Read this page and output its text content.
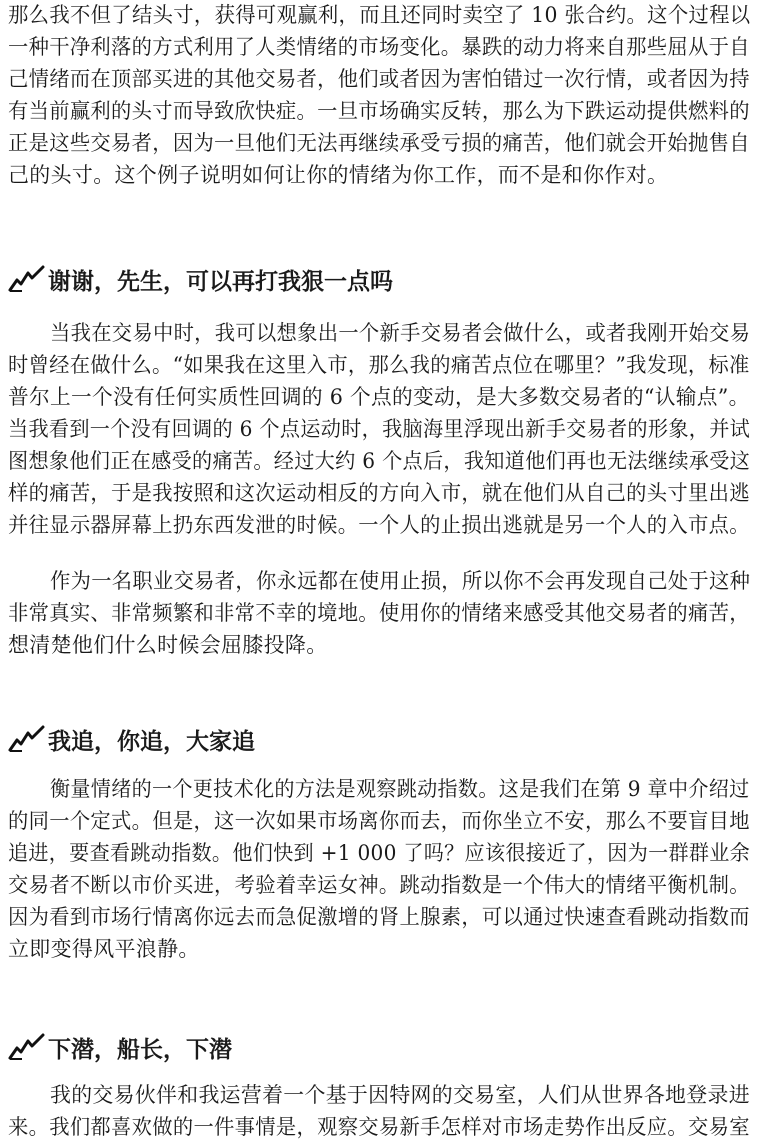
那么我不但了结头寸，获得可观赢利，而且还同时卖空了 10 张合约。这个过程以
一种干净利落的方式利用了人类情绪的市场变化。暴跌的动力将来自那些屈从于自
己情绪而在顶部买进的其他交易者，他们或者因为害怕错过一次行情，或者因为持
有当前赢利的头寸而导致欣快症。一旦市场确实反转，那么为下跌运动提供燃料的
正是这些交易者，因为一旦他们无法再继续承受亏损的痛苦，他们就会开始抛售自
己的头寸。这个例子说明如何让你的情绪为你工作，而不是和你作对。
谢谢，先生，可以再打我狠一点吗
当我在交易中时，我可以想象出一个新手交易者会做什么，或者我刚开始交易
时曾经在做什么。“如果我在这里入市，那么我的痛苦点位在哪里？”我发现，标准
普尔上一个没有任何实质性回调的 6 个点的变动，是大多数交易者的“认输点”。
当我看到一个没有回调的 6 个点运动时，我脑海里浮现出新手交易者的形象，并试
图想象他们正在感受的痛苦。经过大约 6 个点后，我知道他们再也无法继续承受这
样的痛苦，于是我按照和这次运动相反的方向入市，就在他们从自己的头寸里出逃
并往显示器屏幕上扔东西发泄的时候。一个人的止损出逃就是另一个人的入市点。
作为一名职业交易者，你永远都在使用止损，所以你不会再发现自己处于这种
非常真实、非常频繁和非常不幸的境地。使用你的情绪来感受其他交易者的痛苦，
想清楚他们什么时候会屈膝投降。
我追，你追，大家追
衡量情绪的一个更技术化的方法是观察跳动指数。这是我们在第 9 章中介绍过
的同一个定式。但是，这一次如果市场离你而去，而你坐立不安，那么不要盲目地
追进，要查看跳动指数。他们快到 +1 000 了吗？应该很接近了，因为一群群业余
交易者不断以市价买进，考验着幸运女神。跳动指数是一个伟大的情绪平衡机制。
因为看到市场行情离你远去而急促激增的肾上腺素，可以通过快速查看跳动指数而
立即变得风平浪静。
下潜，船长，下潜
我的交易伙伴和我运营着一个基于因特网的交易室，人们从世界各地登录进
来。我们都喜欢做的一件事情是，观察交易新手怎样对市场走势作出反应。交易室
